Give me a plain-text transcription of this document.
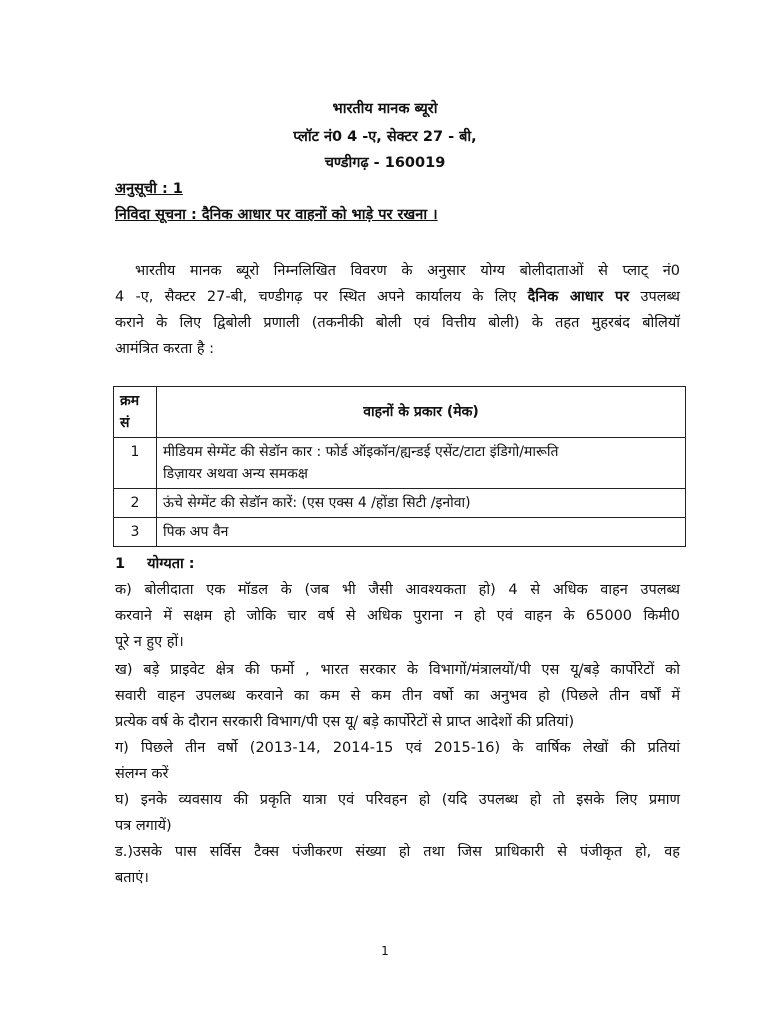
भारतीय मानक ब्यूरो
प्लॉट नं0 4 -ए, सेक्टर 27 - बी,
चण्डीगढ़ - 160019
अनुसूची : 1
निविदा सूचना : दैनिक आधार पर वाहनों को भाड़े पर रखना ।
भारतीय मानक ब्यूरो निम्नलिखित विवरण के अनुसार योग्य बोलीदाताओं से प्लाट् नं0
4 -ए, सैक्टर 27-बी, चण्डीगढ़ पर स्थित अपने कार्यालय के लिए दैनिक आधार पर उपलब्ध
कराने के लिए द्विबोली प्रणाली (तकनीकी बोली एवं वित्तीय बोली) के तहत मुहरबंद बोलियॉ
आमंत्रित करता है :
क्रम सं	वाहनों के प्रकार (मेक)
1	मीडियम सेग्मेंट की सेडॉन कार : फोर्ड ऑइकॉन/ह्यन्डई एसेंट/टाटा इंडिगो/मारूति
डिज़ायर अथवा अन्य समकक्ष
2	ऊंचे सेग्मेंट की सेडॉन कारें: (एस एक्स 4 /होंडा सिटी /इनोवा)
3	पिक अप वैन
1 योग्यता :
क) बोलीदाता एक मॉडल के (जब भी जैसी आवश्यकता हो) 4 से अधिक वाहन उपलब्ध
करवाने में सक्षम हो जोकि चार वर्ष से अधिक पुराना न हो एवं वाहन के 65000 किमी0
पूरे न हुए हों।
ख) बड़े प्राइवेट क्षेत्र की फर्मो , भारत सरकार के विभागों/मंत्रालयों/पी एस यू/बड़े कार्पोरेटों को
सवारी वाहन उपलब्ध करवाने का कम से कम तीन वर्षो का अनुभव हो (पिछले तीन वर्षों में
प्रत्येक वर्ष के दौरान सरकारी विभाग/पी एस यू/ बड़े कार्पोरेटों से प्राप्त आदेशों की प्रतियां)
ग) पिछले तीन वर्षो (2013-14, 2014-15 एवं 2015-16) के वार्षिक लेखों की प्रतियां
संलग्न करें
घ) इनके व्यवसाय की प्रकृति यात्रा एवं परिवहन हो (यदि उपलब्ध हो तो इसके लिए प्रमाण
पत्र लगायें)
ड.)उसके पास सर्विस टैक्स पंजीकरण संख्या हो तथा जिस प्राधिकारी से पंजीकृत हो, वह
बताएं।
1
